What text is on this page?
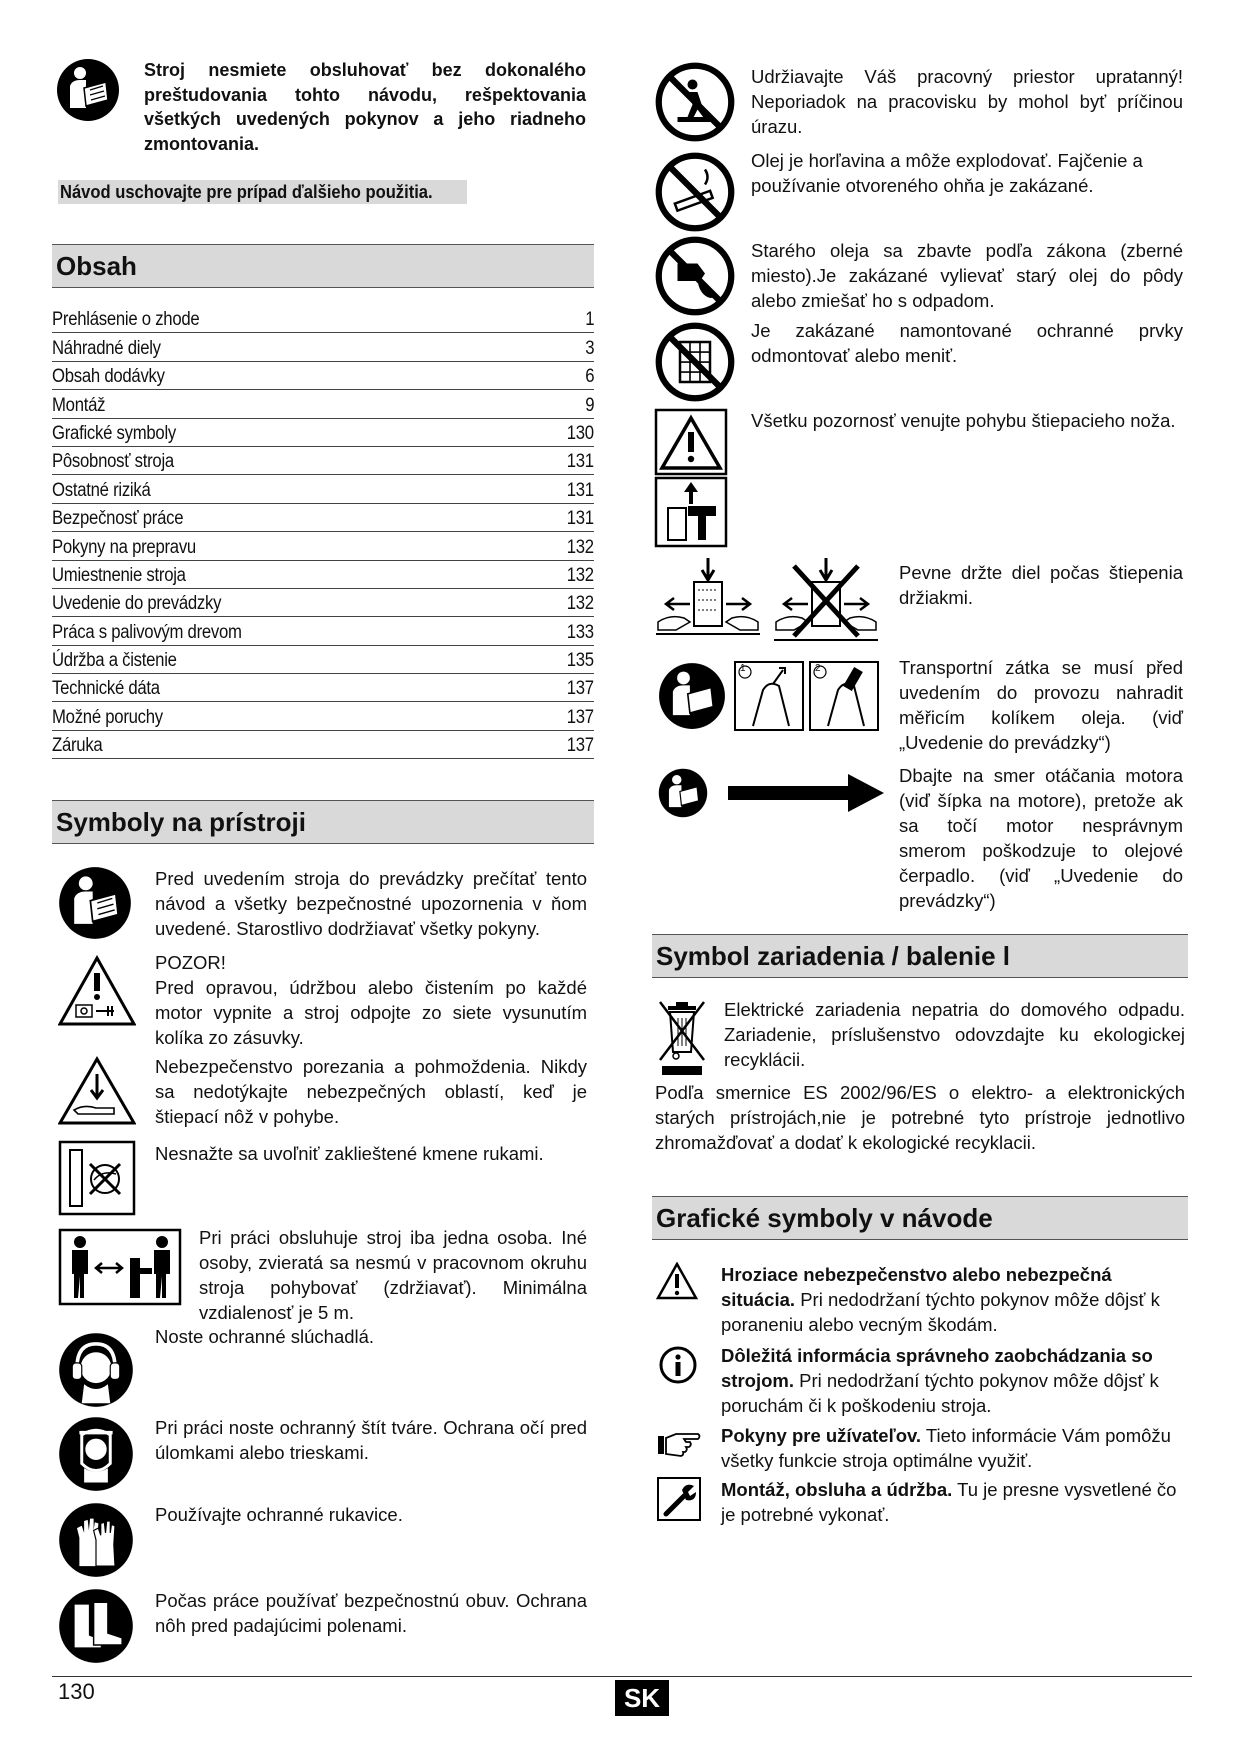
Stroj nesmiete obsluhovať bez dokonalého preštudovania tohto návodu, rešpektovania všetkých uvedených pokynov a jeho riadneho zmontovania.
Návod uschovajte pre prípad ďalšieho použitia.
Obsah
Prehlásenie o zhode	1
Náhradné diely	3
Obsah dodávky	6
Montáž	9
Grafické symboly	130
Pôsobnosť stroja	131
Ostatné riziká	131
Bezpečnosť práce	131
Pokyny na prepravu	132
Umiestnenie stroja	132
Uvedenie do prevádzky	132
Práca s palivovým drevom	133
Údržba a čistenie	135
Technické dáta	137
Možné poruchy	137
Záruka	137
Symboly na prístroji
Pred uvedením stroja do prevádzky prečítať tento návod a všetky bezpečnostné upozornenia v ňom uvedené. Starostlivo dodržiavať všetky pokyny.
POZOR!
Pred opravou, údržbou alebo čistením po každé motor vypnite a stroj odpojte zo siete vysunutím kolíka zo zásuvky.
Nebezpečenstvo porezania a pohmoždenia. Nikdy sa nedotýkajte nebezpečných oblastí, keď je štiepací nôž v pohybe.
Nesnažte sa uvoľniť zaklieštené kmene rukami.
Pri práci obsluhuje stroj iba jedna osoba. Iné osoby, zvieratá sa nesmú v pracovnom okruhu stroja pohybovať (zdržiavať). Minimálna vzdialenosť je 5 m.
Noste ochranné slúchadlá.
Pri práci noste ochranný štít tváre. Ochrana očí pred úlomkami alebo trieskami.
Používajte ochranné rukavice.
Počas práce používať bezpečnostnú obuv. Ochrana nôh pred padajúcimi polenami.
Udržiavajte Váš pracovný priestor upratanný! Neporiadok na pracovisku by mohol byť príčinou úrazu.
Olej je horľavina a môže explodovať. Fajčenie a používanie otvoreného ohňa je zakázané.
Starého oleja sa zbavte podľa zákona (zberné miesto).Je zakázané vylievať starý olej do pôdy alebo zmiešať ho s odpadom.
Je zakázané namontované ochranné prvky odmontovať alebo meniť.
Všetku pozornosť venujte pohybu štiepacieho noža.
Pevne držte diel počas štiepenia držiakmi.
1	2	Transportní zátka se musí před uvedením do provozu nahradit měřicím kolíkem oleja. (viď „Uvedenie do prevádzky“)
Dbajte na smer otáčania motora (viď šípka na motore), pretože ak sa točí motor nesprávnym smerom poškodzuje to olejové čerpadlo. (viď „Uvedenie do prevádzky“)
Symbol zariadenia / balenie l
Elektrické zariadenia nepatria do domového odpadu. Zariadenie, príslušenstvo odovzdajte ku ekologickej recyklácii.
Podľa smernice ES 2002/96/ES o elektro- a elektronických starých prístrojách,nie je potrebné tyto prístroje jednotlivo zhromažďovať a dodať k ekologické recyklacii.
Grafické symboly v návode
Hroziace nebezpečenstvo alebo nebezpečná situácia. Pri nedodržaní týchto pokynov môže dôjsť k poraneniu alebo vecným škodám.
Dôležitá informácia správneho zaobchádzania so strojom. Pri nedodržaní týchto pokynov môže dôjsť k poruchám či k poškodeniu stroja.
Pokyny pre užívateľov. Tieto informácie Vám pomôžu všetky funkcie stroja optimálne využiť.
Montáž, obsluha a údržba. Tu je presne vysvetlené čo je potrebné vykonať.
130	SK
